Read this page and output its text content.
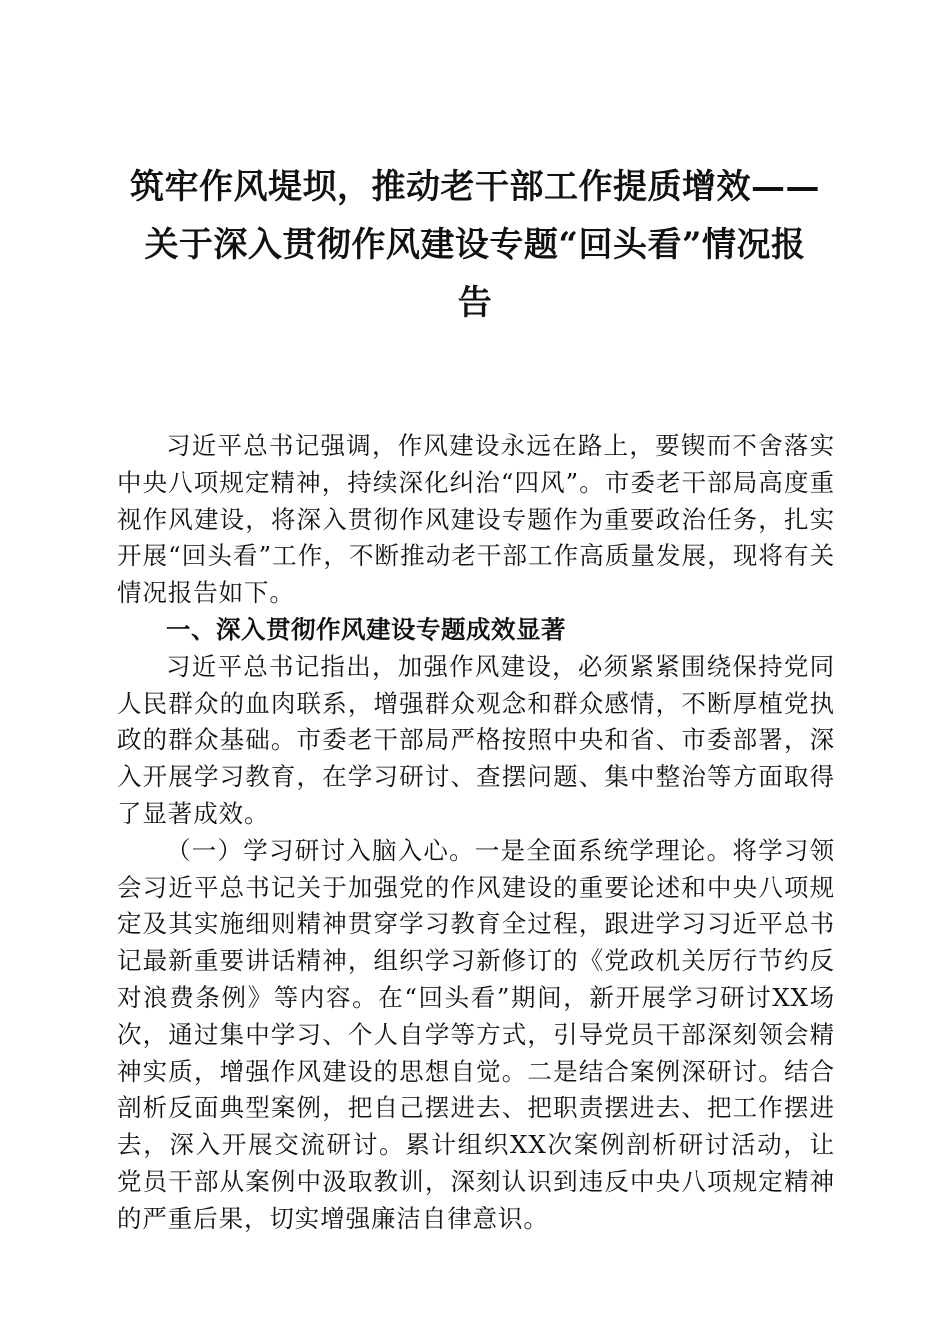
筑牢作风堤坝，推动老干部工作提质增效——
关于深入贯彻作风建设专题“回头看”情况报
告

习近平总书记强调，作风建设永远在路上，要锲而不舍落实中央八项规定精神，持续深化纠治“四风”。市委老干部局高度重视作风建设，将深入贯彻作风建设专题作为重要政治任务，扎实开展“回头看”工作，不断推动老干部工作高质量发展，现将有关情况报告如下。

一、深入贯彻作风建设专题成效显著

习近平总书记指出，加强作风建设，必须紧紧围绕保持党同人民群众的血肉联系，增强群众观念和群众感情，不断厚植党执政的群众基础。市委老干部局严格按照中央和省、市委部署，深入开展学习教育，在学习研讨、查摆问题、集中整治等方面取得了显著成效。

（一）学习研讨入脑入心。一是全面系统学理论。将学习领会习近平总书记关于加强党的作风建设的重要论述和中央八项规定及其实施细则精神贯穿学习教育全过程，跟进学习习近平总书记最新重要讲话精神，组织学习新修订的《党政机关厉行节约反对浪费条例》等内容。在“回头看”期间，新开展学习研讨XX场次，通过集中学习、个人自学等方式，引导党员干部深刻领会精神实质，增强作风建设的思想自觉。二是结合案例深研讨。结合剖析反面典型案例，把自己摆进去、把职责摆进去、把工作摆进去，深入开展交流研讨。累计组织XX次案例剖析研讨活动，让党员干部从案例中汲取教训，深刻认识到违反中央八项规定精神的严重后果，切实增强廉洁自律意识。
